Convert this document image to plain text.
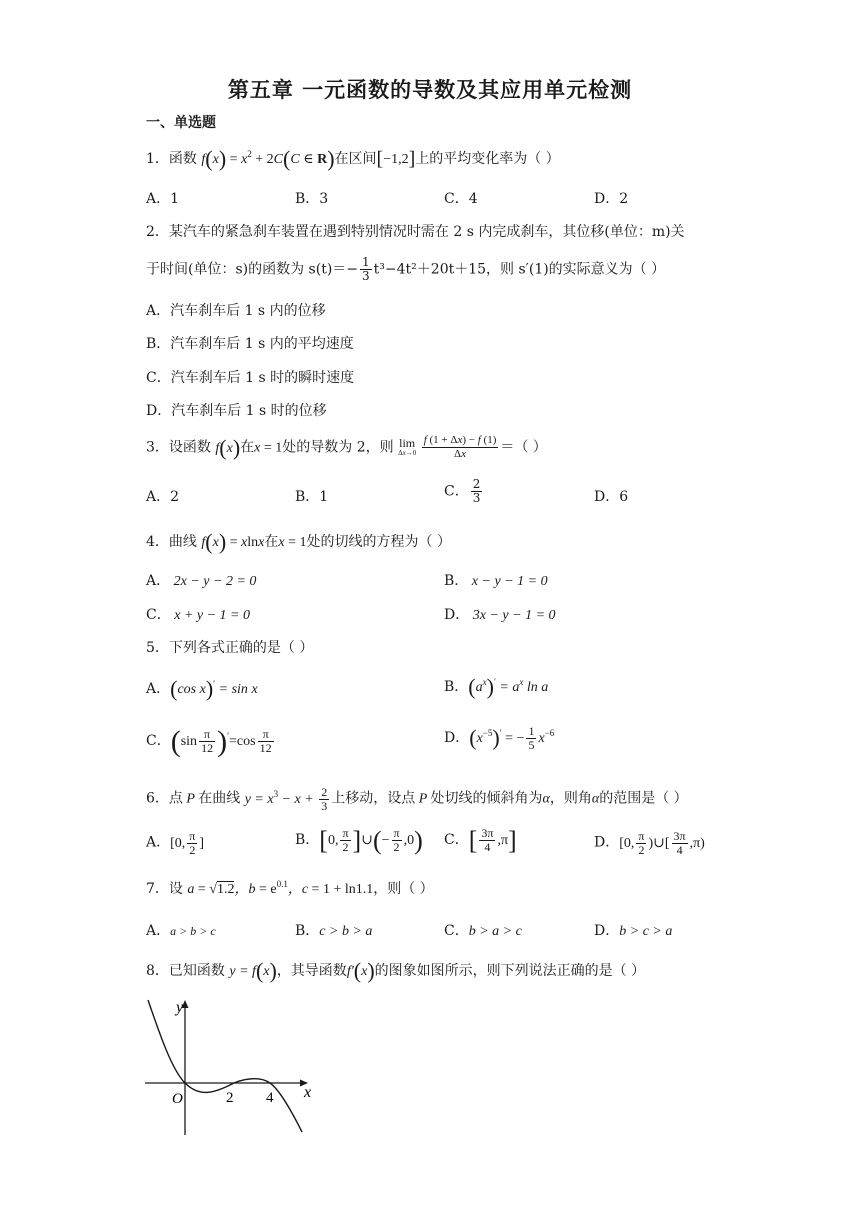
第五章 一元函数的导数及其应用单元检测
一、单选题
1．函数 $f(x) = x^2 + 2C(C$ ∈ R)在区间[−1,2]上的平均变化率为（ ）
A．1	B．3	C．4	D．2
2．某汽车的紧急刹车装置在遇到特别情况时需在 2 s 内完成刹车，其位移(单位：m)关
于时间(单位：s)的函数为 $s(t)=- \frac{1}{3} t^3-4t^2+20t+15$，则 s′(1)的实际意义为（ ）
A．汽车刹车后 1 s 内的位移
B．汽车刹车后 1 s 内的平均速度
C．汽车刹车后 1 s 时的瞬时速度
D．汽车刹车后 1 s 时的位移
3．设函数 f(x)在x = 1处的导数为 2，则 lim
Δx→0
$\frac{f (1 + \Delta x) - f (1)}{\Delta x}$ ＝（ ）
A．2	B．1	C． $\frac{2}{3}$	D．6
4．曲线 f(x) = xlnx在x = 1处的切线的方程为（ ）
A． 2x − y − 2 = 0	B． x − y − 1 = 0
C． x + y − 1 = 0	D． 3x − y − 1 = 0
5．下列各式正确的是（ ）
A．(cos x)′ = sin x	B．$(a^x)' = a^x$ ln a
C．$(\sin \frac{\pi}{12} )'=\cos \frac{\pi}{12}$	D．$(x^{-5})'$ = − $\frac{1}{5} x^{-6}$
6．点 P 在曲线 $y = x^3 - x + \frac{2}{3}$ 上移动，设点 P 处切线的倾斜角为α，则角α的范围是（ ）
A．[0, $\frac{\pi}{2}$ ]	B．[0, $\frac{\pi}{2}$ ]∪(− $\frac{\pi}{2} ,0$) C．[ $\frac{3\pi}{4} ,\pi$]	D．[0, $\frac{\pi}{2}$ )∪[ $\frac{3\pi}{4} ,\pi$)
7．设 a = √1.2，$b = e^{0.1}$，c = 1 + ln1.1，则（ ）
A．a > b > c	B．c > b > a	C．b > a > c	D．b > c > a
8．已知函数 y = f(x)，其导函数f′(x)的图象如图所示，则下列说法正确的是（ ）
y
x
O	2 4
